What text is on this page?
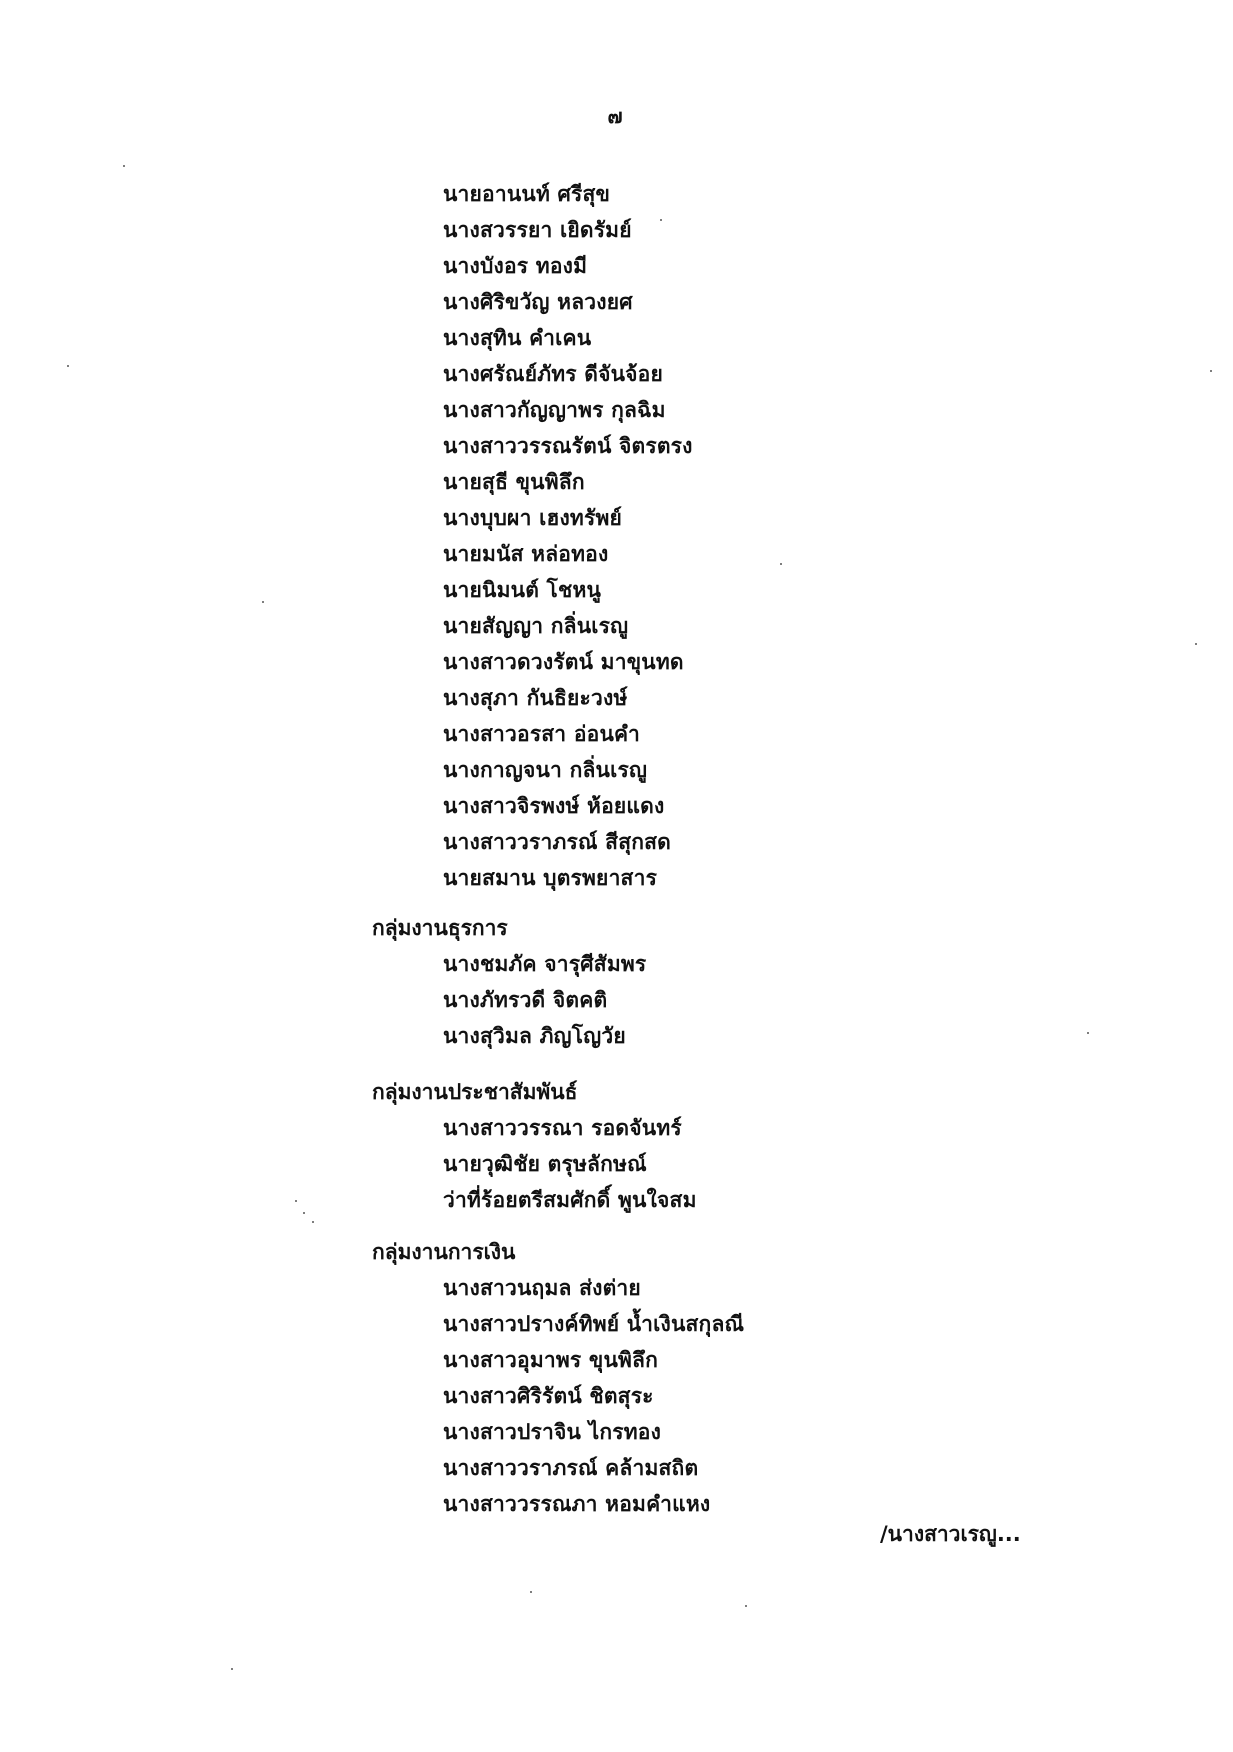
๗

นายอานนท์ ศรีสุข
นางสวรรยา เยิดรัมย์
นางบังอร ทองมี
นางศิริขวัญ หลวงยศ
นางสุทิน คำเคน
นางศรัณย์ภัทร ดีจันจ้อย
นางสาวกัญญาพร กุลฉิม
นางสาววรรณรัตน์ จิตรตรง
นายสุธี ขุนพิลึก
นางบุบผา เฮงทรัพย์
นายมนัส หล่อทอง
นายนิมนต์ โชหนู
นายสัญญา กลิ่นเรญู
นางสาวดวงรัตน์ มาขุนทด
นางสุภา กันธิยะวงษ์
นางสาวอรสา อ่อนคำ
นางกาญจนา กลิ่นเรญู
นางสาวจิรพงษ์ ห้อยแดง
นางสาววราภรณ์ สีสุกสด
นายสมาน บุตรพยาสาร
กลุ่มงานธุรการ
นางชมภัค จารุศีสัมพร
นางภัทรวดี จิตคติ
นางสุวิมล ภิญโญวัย
กลุ่มงานประชาสัมพันธ์
นางสาววรรณา รอดจันทร์
นายวุฒิชัย ตรุษลักษณ์
ว่าที่ร้อยตรีสมศักดิ์ พูนใจสม
กลุ่มงานการเงิน
นางสาวนฤมล ส่งต่าย
นางสาวปรางค์ทิพย์ น้ำเงินสกุลณี
นางสาวอุมาพร ขุนพิลึก
นางสาวศิริรัตน์ ชิตสุระ
นางสาวปราจิน ไกรทอง
นางสาววราภรณ์ คล้ามสถิต
นางสาววรรณภา หอมคำแหง

/นางสาวเรญู...
